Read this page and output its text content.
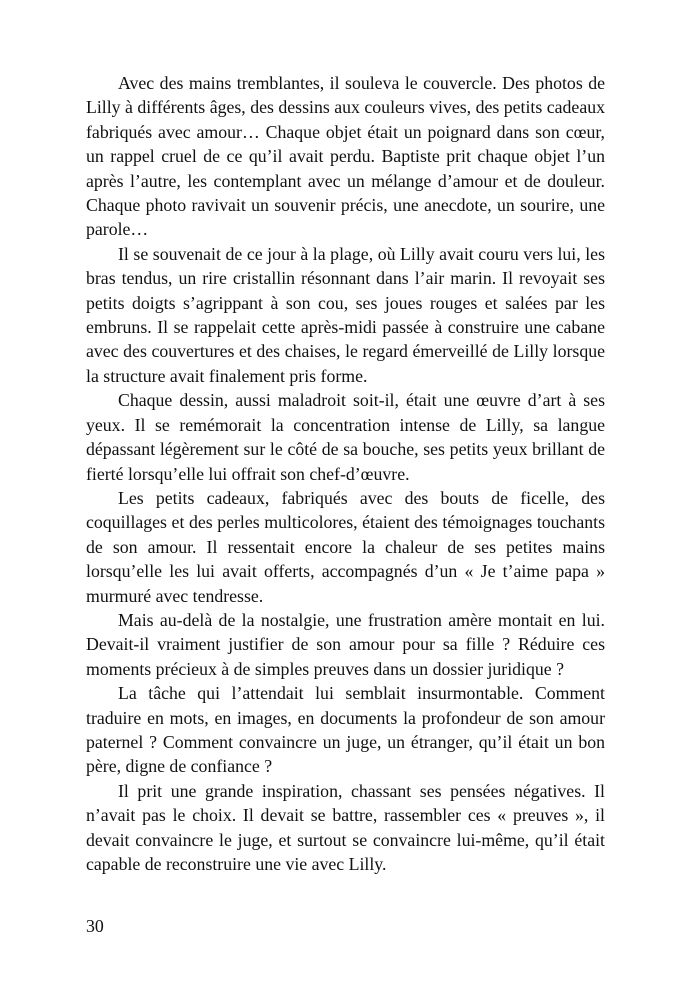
Avec des mains tremblantes, il souleva le couvercle. Des photos de Lilly à différents âges, des dessins aux couleurs vives, des petits cadeaux fabriqués avec amour… Chaque objet était un poignard dans son cœur, un rappel cruel de ce qu’il avait perdu. Baptiste prit chaque objet l’un après l’autre, les contemplant avec un mélange d’amour et de douleur. Chaque photo ravivait un souvenir précis, une anecdote, un sourire, une parole…

Il se souvenait de ce jour à la plage, où Lilly avait couru vers lui, les bras tendus, un rire cristallin résonnant dans l’air marin. Il revoyait ses petits doigts s’agrippant à son cou, ses joues rouges et salées par les embruns. Il se rappelait cette après-midi passée à construire une cabane avec des couvertures et des chaises, le regard émerveillé de Lilly lorsque la structure avait finalement pris forme.

Chaque dessin, aussi maladroit soit-il, était une œuvre d’art à ses yeux. Il se remémorait la concentration intense de Lilly, sa langue dépassant légèrement sur le côté de sa bouche, ses petits yeux brillant de fierté lorsqu’elle lui offrait son chef-d’œuvre.

Les petits cadeaux, fabriqués avec des bouts de ficelle, des coquillages et des perles multicolores, étaient des témoignages touchants de son amour. Il ressentait encore la chaleur de ses petites mains lorsqu’elle les lui avait offerts, accompagnés d’un « Je t’aime papa » murmuré avec tendresse.

Mais au-delà de la nostalgie, une frustration amère montait en lui. Devait-il vraiment justifier de son amour pour sa fille ? Réduire ces moments précieux à de simples preuves dans un dossier juridique ?

La tâche qui l’attendait lui semblait insurmontable. Comment traduire en mots, en images, en documents la profondeur de son amour paternel ? Comment convaincre un juge, un étranger, qu’il était un bon père, digne de confiance ?

Il prit une grande inspiration, chassant ses pensées négatives. Il n’avait pas le choix. Il devait se battre, rassembler ces « preuves », il devait convaincre le juge, et surtout se convaincre lui-même, qu’il était capable de reconstruire une vie avec Lilly.

30
